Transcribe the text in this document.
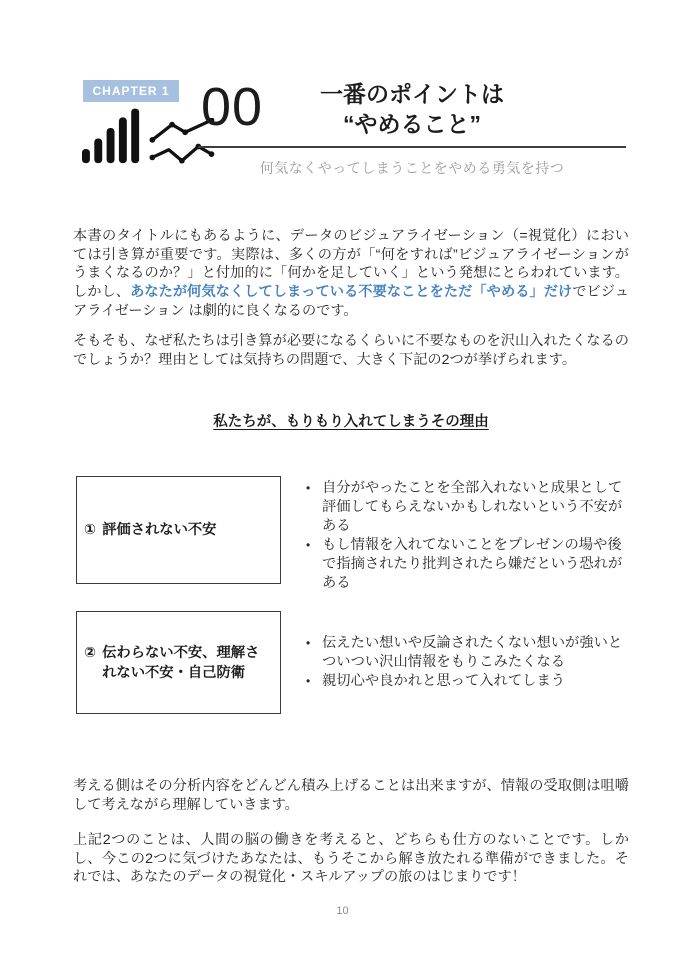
CHAPTER 1 00	一番のポイントは
“やめること”
何気なくやってしまうことをやめる勇気を持つ

本書のタイトルにもあるように、データのビジュアライゼーション（=視覚化）においては引き算が重要です。実際は、多くの方が「“何をすれば”ビジュアライゼーションがうまくなるのか？」と付加的に「何かを足していく」という発想にとらわれています。しかし、あなたが何気なくしてしまっている不要なことをただ「やめる」だけでビジュアライゼーション は劇的に良くなるのです。

そもそも、なぜ私たちは引き算が必要になるくらいに不要なものを沢山入れたくなるのでしょうか？理由としては気持ちの問題で、大きく下記の2つが挙げられます。

私たちが、もりもり入れてしまうその理由
① 評価されない不安
• 自分がやったことを全部入れないと成果として評価してもらえないかもしれないという不安がある
• もし情報を入れてないことをプレゼンの場や後で指摘されたり批判されたら嫌だという恐れがある
② 伝わらない不安、理解されない不安・自己防衛
• 伝えたい想いや反論されたくない想いが強いとついつい沢山情報をもりこみたくなる
• 親切心や良かれと思って入れてしまう

考える側はその分析内容をどんどん積み上げることは出来ますが、情報の受取側は咀嚼して考えながら理解していきます。

上記2つのことは、人間の脳の働きを考えると、どちらも仕方のないことです。しかし、今この2つに気づけたあなたは、もうそこから解き放たれる準備ができました。それでは、あなたのデータの視覚化・スキルアップの旅のはじまりです！

10
